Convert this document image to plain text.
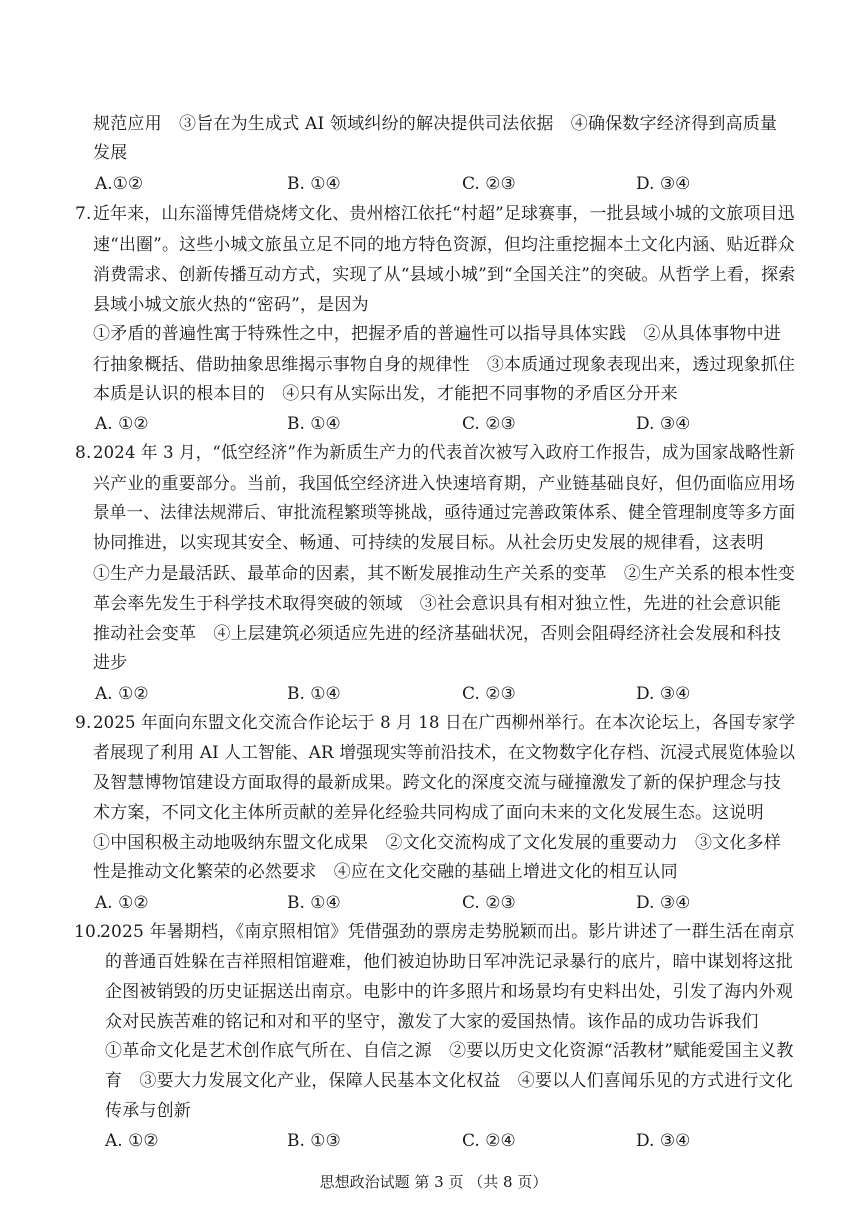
规范应用　③旨在为生成式 AI 领域纠纷的解决提供司法依据　④确保数字经济得到高质量
发展
A.①②	B. ①④	C. ②③	D. ③④
7. 近年来，山东淄博凭借烧烤文化、贵州榕江依托“村超”足球赛事，一批县域小城的文旅项目迅
速“出圈”。这些小城文旅虽立足不同的地方特色资源，但均注重挖掘本土文化内涵、贴近群众
消费需求、创新传播互动方式，实现了从“县域小城”到“全国关注”的突破。从哲学上看，探索
县域小城文旅火热的“密码”，是因为
①矛盾的普遍性寓于特殊性之中，把握矛盾的普遍性可以指导具体实践　②从具体事物中进
行抽象概括、借助抽象思维揭示事物自身的规律性　③本质通过现象表现出来，透过现象抓住
本质是认识的根本目的　④只有从实际出发，才能把不同事物的矛盾区分开来
A. ①②	B. ①④	C. ②③	D. ③④
8. 2024 年 3 月，“低空经济”作为新质生产力的代表首次被写入政府工作报告，成为国家战略性新
兴产业的重要部分。当前，我国低空经济进入快速培育期，产业链基础良好，但仍面临应用场
景单一、法律法规滞后、审批流程繁琐等挑战，亟待通过完善政策体系、健全管理制度等多方面
协同推进，以实现其安全、畅通、可持续的发展目标。从社会历史发展的规律看，这表明
①生产力是最活跃、最革命的因素，其不断发展推动生产关系的变革　②生产关系的根本性变
革会率先发生于科学技术取得突破的领域　③社会意识具有相对独立性，先进的社会意识能
推动社会变革　④上层建筑必须适应先进的经济基础状况，否则会阻碍经济社会发展和科技
进步
A. ①②	B. ①④	C. ②③	D. ③④
9. 2025 年面向东盟文化交流合作论坛于 8 月 18 日在广西柳州举行。在本次论坛上，各国专家学
者展现了利用 AI 人工智能、AR 增强现实等前沿技术，在文物数字化存档、沉浸式展览体验以
及智慧博物馆建设方面取得的最新成果。跨文化的深度交流与碰撞激发了新的保护理念与技
术方案，不同文化主体所贡献的差异化经验共同构成了面向未来的文化发展生态。这说明
①中国积极主动地吸纳东盟文化成果　②文化交流构成了文化发展的重要动力　③文化多样
性是推动文化繁荣的必然要求　④应在文化交融的基础上增进文化的相互认同
A. ①②	B. ①④	C. ②③	D. ③④
10.
2025 年暑期档，《南京照相馆》凭借强劲的票房走势脱颖而出。影片讲述了一群生活在南京
的普通百姓躲在吉祥照相馆避难，他们被迫协助日军冲洗记录暴行的底片，暗中谋划将这批
企图被销毁的历史证据送出南京。电影中的许多照片和场景均有史料出处，引发了海内外观
众对民族苦难的铭记和对和平的坚守，激发了大家的爱国热情。该作品的成功告诉我们
①革命文化是艺术创作底气所在、自信之源　②要以历史文化资源“活教材”赋能爱国主义教
育　③要大力发展文化产业，保障人民基本文化权益　④要以人们喜闻乐见的方式进行文化
传承与创新
A. ①②	B. ①③	C. ②④	D. ③④
思想政治试题 第 3 页 （共 8 页）
